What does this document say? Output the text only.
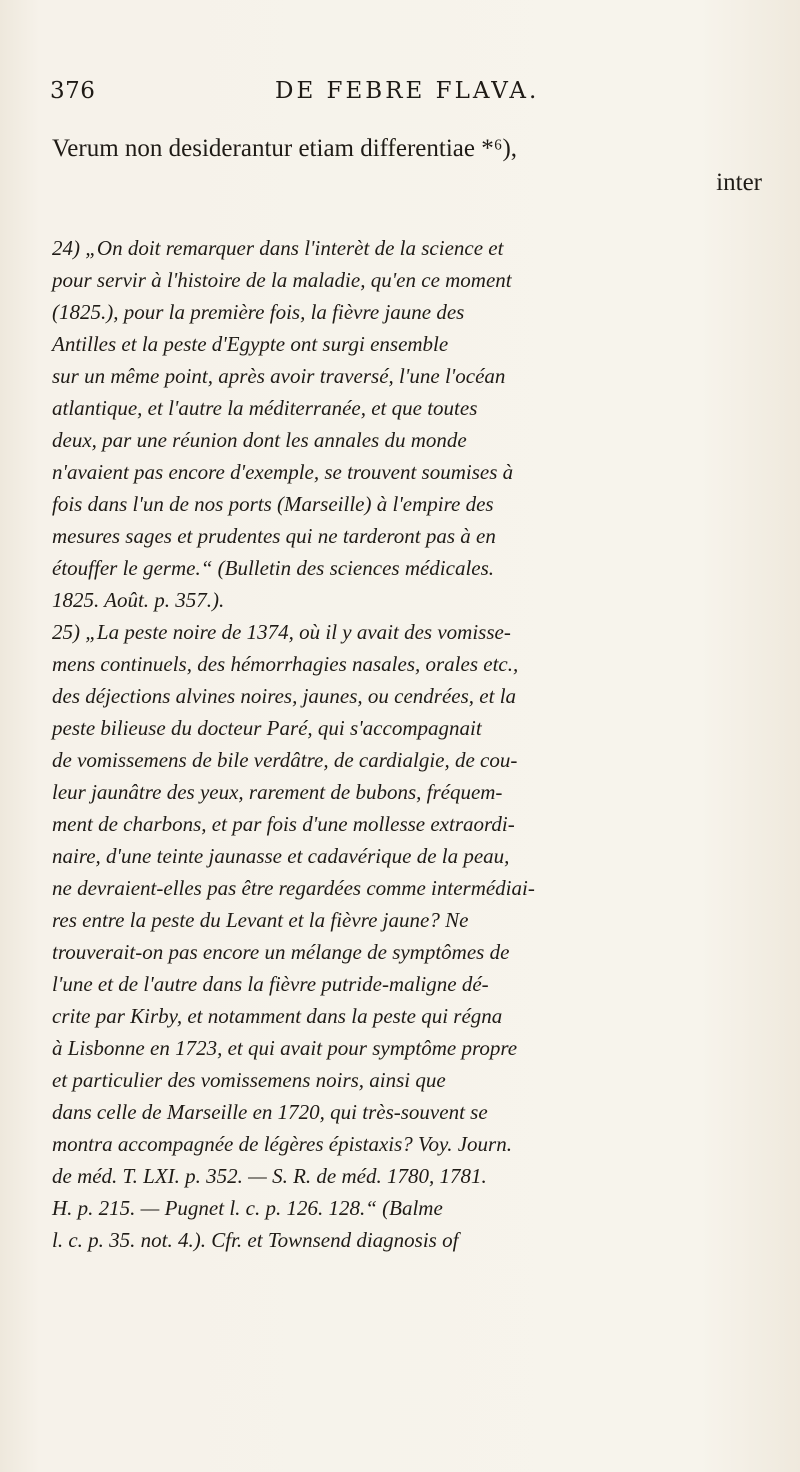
376	DE FEBRE FLAVA.
Verum non desiderantur etiam differentiae *⁶),
inter
24) „On doit remarquer dans l'interèt de la science et
pour servir à l'histoire de la maladie, qu'en ce moment
(1825.), pour la première fois, la fièvre jaune des
Antilles et la peste d'Egypte ont surgi ensemble
sur un même point, après avoir traversé, l'une l'océan
atlantique, et l'autre la méditerranée, et que toutes
deux, par une réunion dont les annales du monde
n'avaient pas encore d'exemple, se trouvent soumises à
fois dans l'un de nos ports (Marseille) à l'empire des
mesures sages et prudentes qui ne tarderont pas à en
étouffer le germe.“ (Bulletin des sciences médicales.
1825. Août. p. 357.).
25) „La peste noire de 1374, où il y avait des vomisse-
mens continuels, des hémorrhagies nasales, orales etc.,
des déjections alvines noires, jaunes, ou cendrées, et la
peste bilieuse du docteur Paré, qui s'accompagnait
de vomissemens de bile verdâtre, de cardialgie, de cou-
leur jaunâtre des yeux, rarement de bubons, fréquem-
ment de charbons, et par fois d'une mollesse extraordi-
naire, d'une teinte jaunasse et cadavérique de la peau,
ne devraient-elles pas être regardées comme intermédiai-
res entre la peste du Levant et la fièvre jaune? Ne
trouverait-on pas encore un mélange de symptômes de
l'une et de l'autre dans la fièvre putride-maligne dé-
crite par Kirby, et notamment dans la peste qui régna
à Lisbonne en 1723, et qui avait pour symptôme propre
et particulier des vomissemens noirs, ainsi que
dans celle de Marseille en 1720, qui très-souvent se
montra accompagnée de légères épistaxis? Voy. Journ.
de méd. T. LXI. p. 352. — S. R. de méd. 1780, 1781.
H. p. 215. — Pugnet l. c. p. 126. 128.“ (Balme
l. c. p. 35. not. 4.). Cfr. et Townsend diagnosis of
